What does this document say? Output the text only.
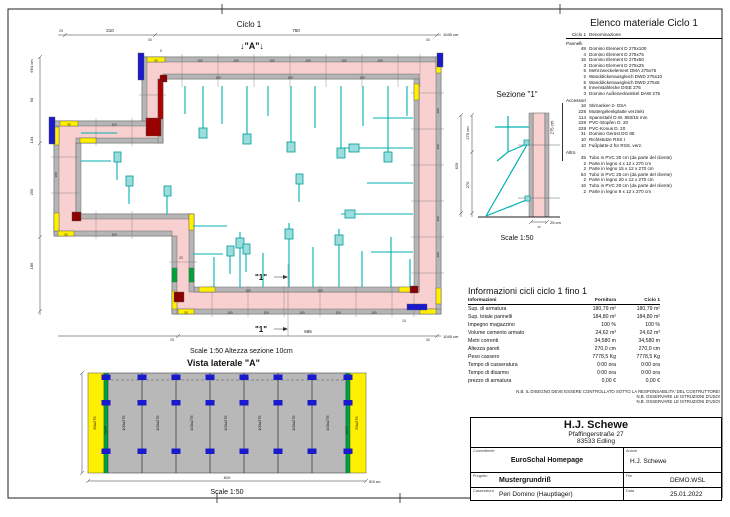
Ciclo 1
↓"A"↓
"1"
"1"
Scale 1:50 Altezza sezione 10cm
25	210
30
760
30
1045 cm
5
694 cm
90
134
255
186
25
665
30
1045 cm
20
15
50	100	100	100	100	100	100
100	100	100
50	100	100	100	100	100
100	100
100
100
100
100
100
50	100
50	100
Sezione "1"
270 cm
270
629
25 cm
25
Scale 1:50
Vista laterale "A"
50x275
5x275	100x275	100x275	100x275	100x275	100x275	100x275	100x275	5x275
50x275
810
810 cm
Scale 1:50
Elenco materiale Ciclo 1
Ciclo 1 Denominazione
Pannelli
48 Domino Element D 275x100
4 Domino Element D 275x75
15 Domino Element D 275x50
3 Domino Element D 275x25
5 Mehrzweckelement DMA 275x75
2 Wanddickenausgleich DWD 275x10
5 Wanddickenausgleich DWD 275x5
8 Innenstahlecke DISE 275
3 Domino Außeneckwinkel DAW 275
Accessori
16 Stirnanker-2- DSA
228 Muttergelenkplatte verzinkt
114 Spannstahl D.W. 850/15 mm
228 PVC-Stopfen D. 20
228 PVC-Konus D. 20
31 Domino Gerüst DG 85
10 Richtstütze RSS I
10 Fußplatte-2 für RSS, verz.
Altro
45 Tubo in PVC 30 cm (da parte del cliente)
2 Parte in legno 4 x 12 x 270 cm
2 Parte in legno 15 x 12 x 270 cm
54 Tubo in PVC 25 cm (da parte del cliente)
2 Parte in legno 20 x 12 x 270 cm
16 Tubo in PVC 20 cm (da parte del cliente)
2 Parte in legno 9 x 12 x 270 cm
275 cm
Informazioni cicli ciclo 1 fino 1
Informazioni	Fornitura	Ciclo 1
Sup. di armatura	180,79 m²	180,79 m²
Sup. totale pannelli	184,80 m²	184,80 m²
Impegno magazzino	100 %	100 %
Volume cemento armato	24,62 m³	24,62 m³
Metri correnti	34,580 m	34,580 m
Altezza pareti	270,0 cm	270,0 cm
Peso cassero	7778,5 Kg	7778,5 Kg
Tempo di casseratura	0:00 ora	0:00 ora
Tempo di disarmo	0:00 ora	0:00 ora
prezzo di armatura	0,00 €	0,00 €
N.B. IL DISEGNO DEVE ESSERE CONTROLLATO SOTTO LA RESPONSABILITA' DEL COSTRUTTORE!
N.B. OSSERVARE LE ISTRUZIONI D'USO!
N.B. OSSERVARE LE ISTRUZIONI D'USO!
H.J. Schewe
Pfaffingerstraße 27
83533 Edling
Committente
EuroSchal Homepage
Progetto
Mustergrundriß
Casseratura Peri Domino (Hauptlager)
Autore
H.J. Schewe
File
DEMO.WSL
Data	25.01.2022
